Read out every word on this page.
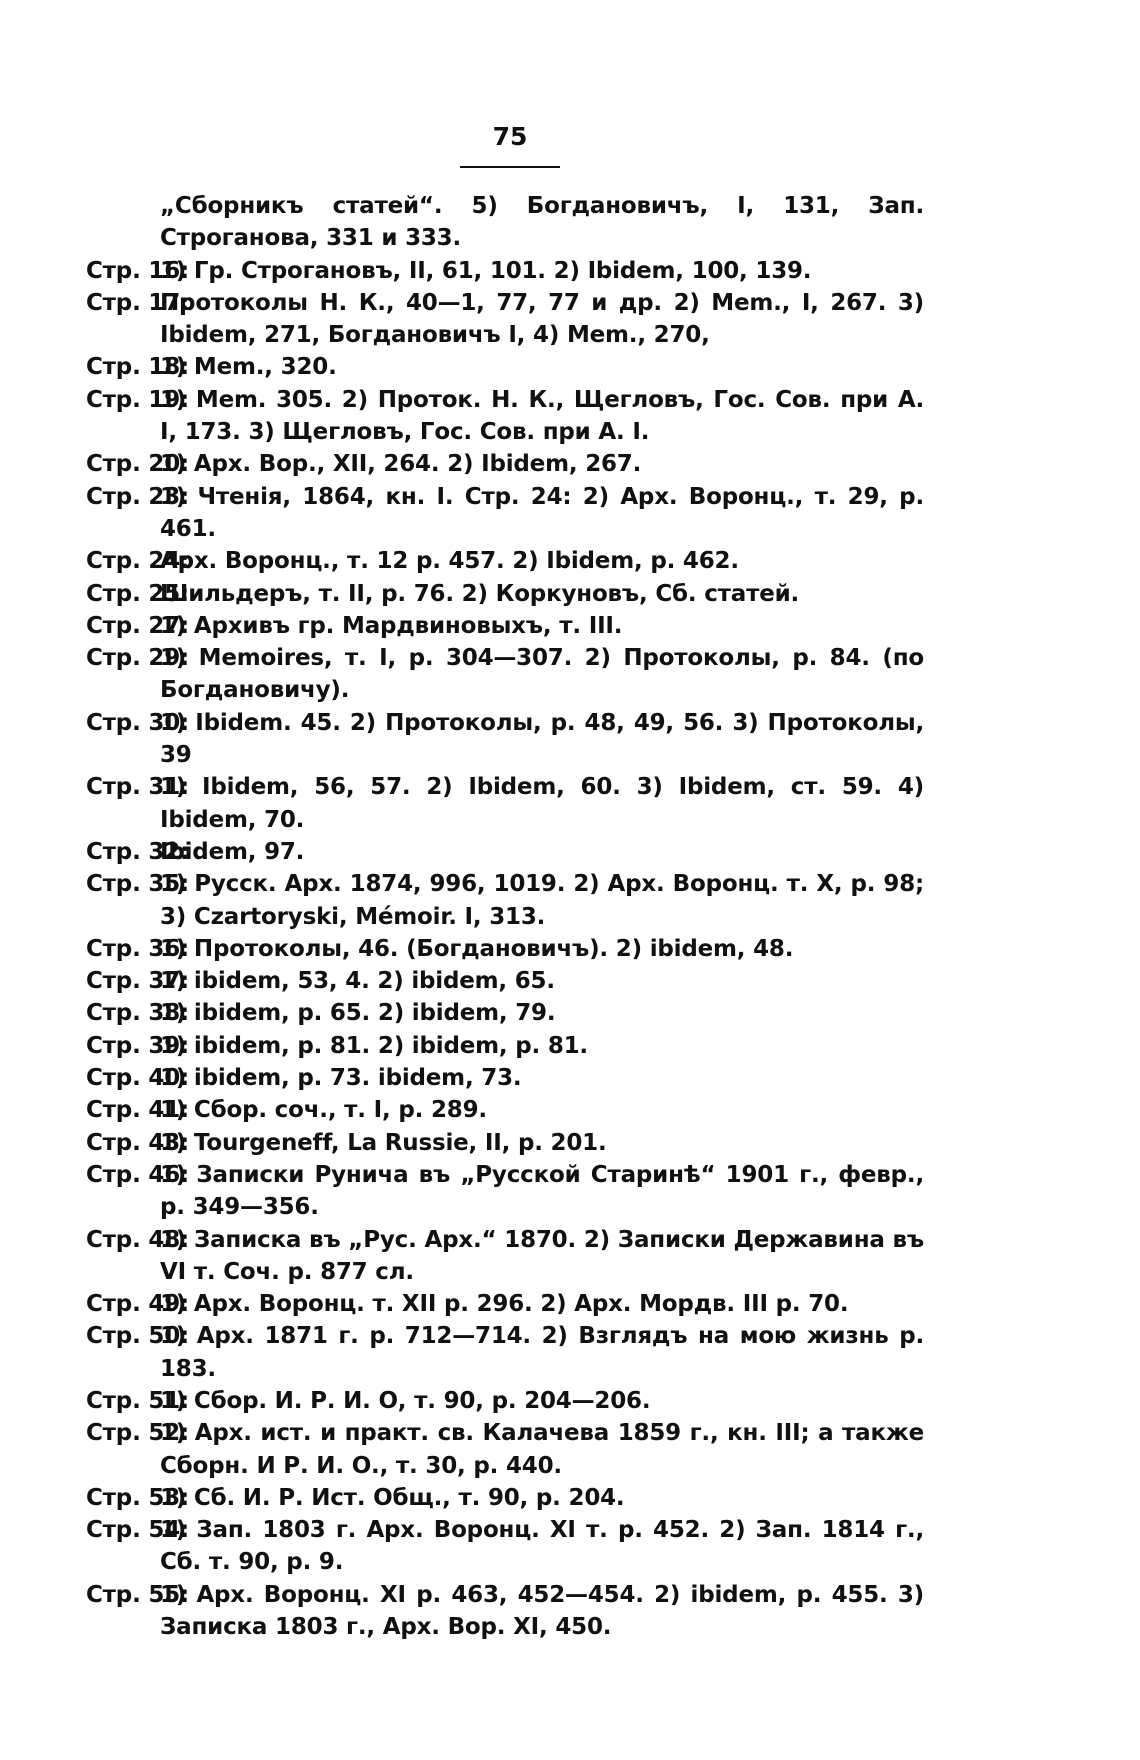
75
„Сборникъ статей“. 5) Богдановичъ, I, 131, Зап. Строганова, 331 и 333.
Стр. 16:
1) Гр. Строгановъ, II, 61, 101. 2) Ibidem, 100, 139.
Стр. 17:
Протоколы Н. К., 40—1, 77, 77 и др. 2) Mem., I, 267. 3) Ibidem, 271, Богдановичъ I, 4) Mem., 270,
Стр. 18:
1) Mem., 320.
Стр. 19:
1) Mem. 305. 2) Проток. Н. К., Щегловъ, Гос. Сов. при А. I, 173. 3) Щегловъ, Гос. Сов. при А. I.
Стр. 20:
1) Арх. Вор., XII, 264. 2) Ibidem, 267.
Стр. 23:
1) Чтенія, 1864, кн. I. Стр. 24: 2) Арх. Воронц., т. 29, р. 461.
Стр. 24:
Арх. Воронц., т. 12 р. 457. 2) Ibidem, р. 462.
Стр. 25:
Шильдеръ, т. II, р. 76. 2) Коркуновъ, Сб. статей.
Стр. 27:
1) Архивъ гр. Мардвиновыхъ, т. III.
Стр. 29:
1) Memoires, т. I, р. 304—307. 2) Протоколы, р. 84. (по Богдановичу).
Стр. 30:
1) Ibidem. 45. 2) Протоколы, р. 48, 49, 56. 3) Протоколы, 39
Стр. 31:
1) Ibidem, 56, 57. 2) Ibidem, 60. 3) Ibidem, ст. 59. 4) Ibidem, 70.
Стр. 32:
Ibidem, 97.
Стр. 35:
1) Русск. Арх. 1874, 996, 1019. 2) Арх. Воронц. т. X, р. 98; 3) Czartoryski, Mémoir. I, 313.
Стр. 36:
1) Протоколы, 46. (Богдановичъ). 2) ibidem, 48.
Стр. 37:
1) ibidem, 53, 4. 2) ibidem, 65.
Стр. 38:
1) ibidem, р. 65. 2) ibidem, 79.
Стр. 39:
1) ibidem, р. 81. 2) ibidem, р. 81.
Стр. 40:
1) ibidem, р. 73. ibidem, 73.
Стр. 41:
1) Сбор. соч., т. I, р. 289.
Стр. 43:
1) Tourgeneff, La Russie, II, р. 201.
Стр. 46:
1) Записки Рунича въ „Русской Старинѣ“ 1901 г., февр., р. 349—356.
Стр. 48:
1) Записка въ „Рус. Арх.“ 1870. 2) Записки Державина въ VI т. Соч. р. 877 сл.
Стр. 49:
1) Арх. Воронц. т. XII р. 296. 2) Арх. Мордв. III р. 70.
Стр. 50:
1) Арх. 1871 г. р. 712—714. 2) Взглядъ на мою жизнь р. 183.
Стр. 51:
1) Сбор. И. Р. И. О, т. 90, р. 204—206.
Стр. 52:
1) Арх. ист. и практ. св. Калачева 1859 г., кн. III; а также Сборн. И Р. И. О., т. 30, р. 440.
Стр. 53:
1) Сб. И. Р. Ист. Общ., т. 90, р. 204.
Стр. 54:
1) Зап. 1803 г. Арх. Воронц. XI т. р. 452. 2) Зап. 1814 г., Сб. т. 90, р. 9.
Стр. 55:
1) Арх. Воронц. XI р. 463, 452—454. 2) ibidem, р. 455. 3) Записка 1803 г., Арх. Вор. XI, 450.
